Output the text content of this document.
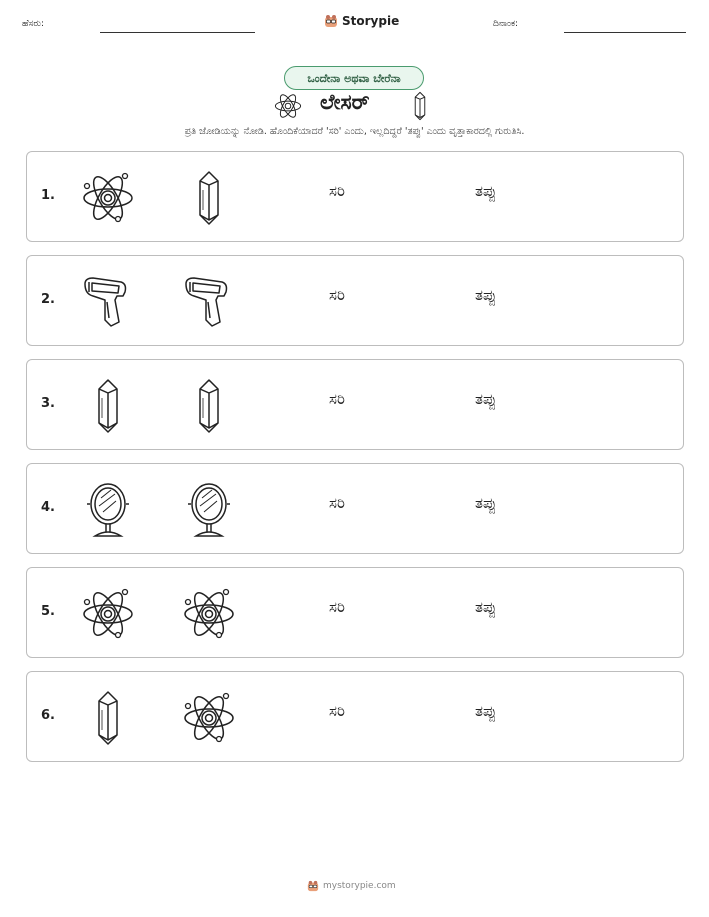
ಹೆಸರು:	Storypie	ದಿನಾಂಕ:
ಒಂದೇನಾ ಅಥವಾ ಬೇರೆನಾ
ಲೇಸರ್
ಪ್ರತಿ ಜೋಡಿಯನ್ನು ನೋಡಿ. ಹೊಂದಿಕೆಯಾದರೆ 'ಸರಿ' ಎಂದು, ಇಲ್ಲದಿದ್ದರೆ 'ತಪ್ಪು' ಎಂದು ವೃತ್ತಾಕಾರದಲ್ಲಿ ಗುರುತಿಸಿ.
1.	ಸರಿ	ತಪ್ಪು
2.	ಸರಿ	ತಪ್ಪು
3.	ಸರಿ	ತಪ್ಪು
4.	ಸರಿ	ತಪ್ಪು
5.	ಸರಿ	ತಪ್ಪು
6.	ಸರಿ	ತಪ್ಪು
mystorypie.com
